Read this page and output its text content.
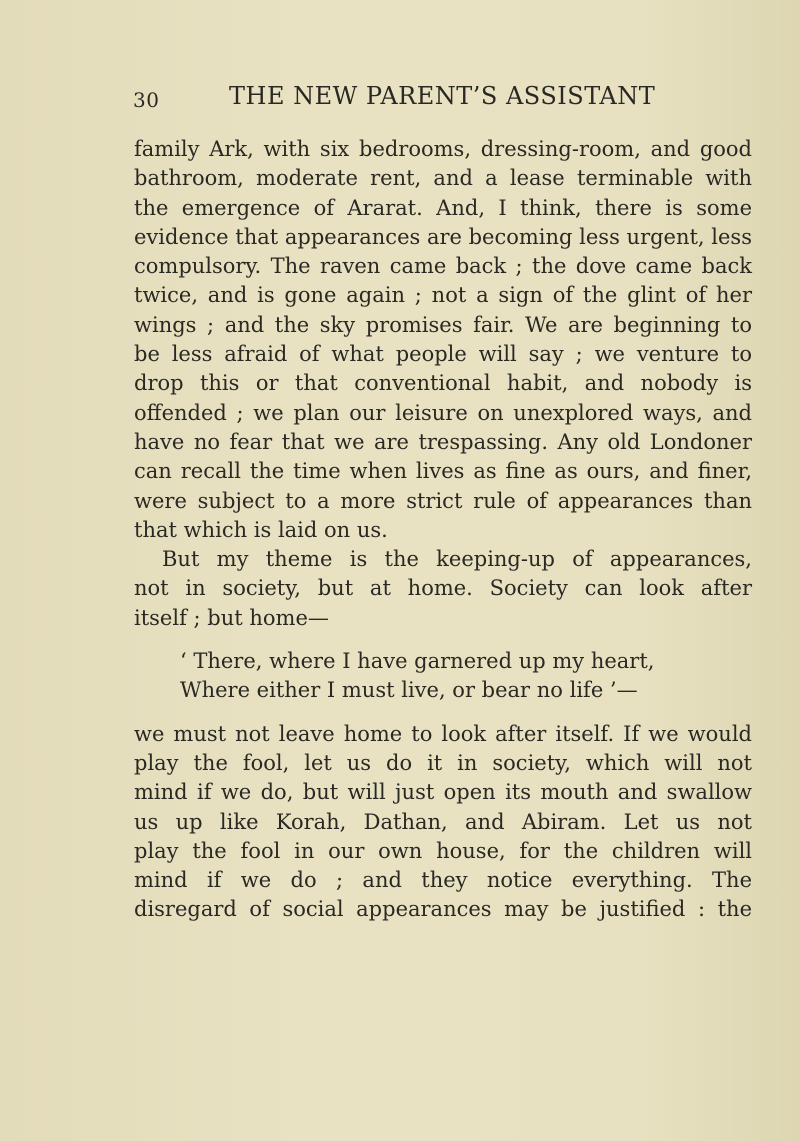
30	THE NEW PARENT’S ASSISTANT
family Ark, with six bedrooms, dressing-room, and good
bathroom, moderate rent, and a lease terminable with
the emergence of Ararat. And, I think, there is some
evidence that appearances are becoming less urgent, less
compulsory. The raven came back ; the dove came back
twice, and is gone again ; not a sign of the glint of her
wings ; and the sky promises fair. We are beginning to
be less afraid of what people will say ; we venture to
drop this or that conventional habit, and nobody is
offended ; we plan our leisure on unexplored ways, and
have no fear that we are trespassing. Any old Londoner
can recall the time when lives as fine as ours, and finer,
were subject to a more strict rule of appearances than
that which is laid on us.
But my theme is the keeping-up of appearances,
not in society, but at home. Society can look after
itself ; but home—
‘ There, where I have garnered up my heart,
Where either I must live, or bear no life ’—
we must not leave home to look after itself. If we would
play the fool, let us do it in society, which will not
mind if we do, but will just open its mouth and swallow
us up like Korah, Dathan, and Abiram. Let us not
play the fool in our own house, for the children will
mind if we do ; and they notice everything. The
disregard of social appearances may be justified : the
